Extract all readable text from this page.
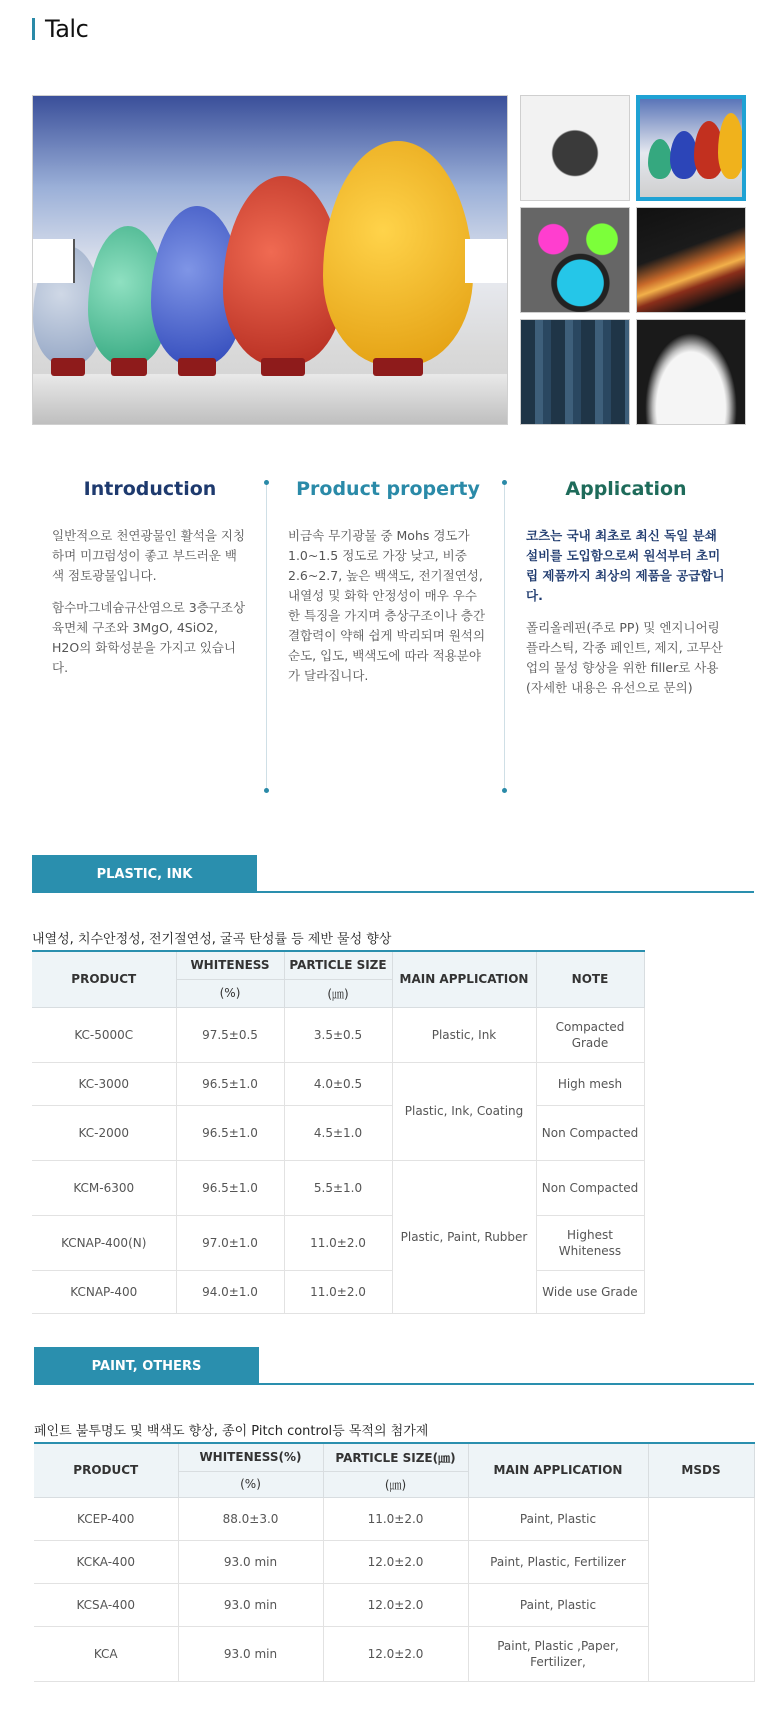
Talc
Introduction

일반적으로 천연광물인 활석을 지칭하며 미끄럼성이 좋고 부드러운 백색 점토광물입니다.

함수마그네슘규산염으로 3층구조상 육면체 구조와 3MgO, 4SiO2, H2O의 화학성분을 가지고 있습니다.

Product property

비금속 무기광물 중 Mohs 경도가 1.0~1.5 정도로 가장 낮고, 비중 2.6~2.7, 높은 백색도, 전기절연성, 내열성 및 화학 안정성이 매우 우수한 특징을 가지며 층상구조이나 층간 결합력이 약해 쉽게 박리되며 원석의 순도, 입도, 백색도에 따라 적용분야가 달라집니다.

Application

코츠는 국내 최초로 최신 독일 분쇄설비를 도입함으로써 원석부터 초미립 제품까지 최상의 제품을 공급합니다.

폴리올레핀(주로 PP) 및 엔지니어링 플라스틱, 각종 페인트, 제지, 고무산업의 물성 향상을 위한 filler로 사용(자세한 내용은 유선으로 문의)

PLASTIC, INK
내열성, 치수안정성, 전기절연성, 굴곡 탄성률 등 제반 물성 향상
PRODUCT	WHITENESS	PARTICLE SIZE	MAIN APPLICATION	NOTE
	(%)	(㎛)		
KC-5000C	97.5±0.5	3.5±0.5	Plastic, Ink	Compacted Grade
KC-3000	96.5±1.0	4.0±0.5	Plastic, Ink, Coating	High mesh
KC-2000	96.5±1.0	4.5±1.0		Non Compacted
KCM-6300	96.5±1.0	5.5±1.0	Plastic, Paint, Rubber	Non Compacted
KCNAP-400(N)	97.0±1.0	11.0±2.0		Highest Whiteness
KCNAP-400	94.0±1.0	11.0±2.0		Wide use Grade
PAINT, OTHERS
페인트 불투명도 및 백색도 향상, 종이 Pitch control등 목적의 첨가제
PRODUCT	WHITENESS(%)	PARTICLE SIZE(㎛)	MAIN APPLICATION	MSDS
	(%)	(㎛)		
KCEP-400	88.0±3.0	11.0±2.0	Paint, Plastic	
KCKA-400	93.0 min	12.0±2.0	Paint, Plastic, Fertilizer	
KCSA-400	93.0 min	12.0±2.0	Paint, Plastic	
KCA	93.0 min	12.0±2.0	Paint, Plastic ,Paper, Fertilizer,	
